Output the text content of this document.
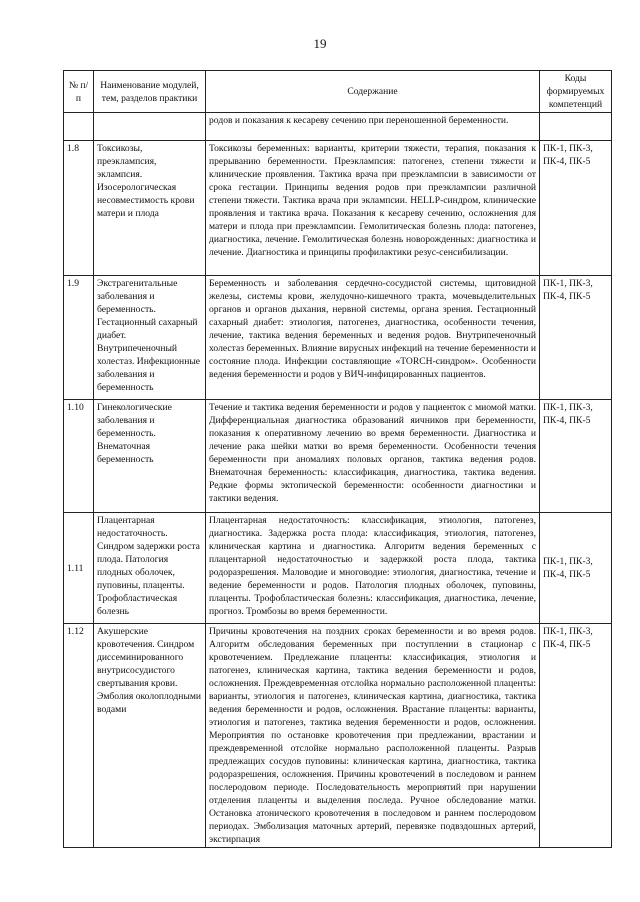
19
№ п/п	Наименование модулей, тем, разделов практики	Содержание	Коды формируемых компетенций
		родов и показания к кесареву сечению при переношенной беременности.	
1.8	Токсикозы, преэклампсия, эклампсия. Изосерологическая несовместимость крови матери и плода	Токсикозы беременных: варианты, критерии тяжести, терапия, показания к прерыванию беременности. Преэклампсия: патогенез, степени тяжести и клинические проявления. Тактика врача при преэклампсии в зависимости от срока гестации. Принципы ведения родов при преэклампсии различной степени тяжести. Тактика врача при эклампсии. HELLP-синдром, клинические проявления и тактика врача. Показания к кесареву сечению, осложнения для матери и плода при преэклампсии. Гемолитическая болезнь плода: патогенез, диагностика, лечение. Гемолитическая болезнь новорожденных: диагностика и лечение. Диагностика и принципы профилактики резус-сенсибилизации.	ПК-1, ПК-3, ПК-4, ПК-5
1.9	Экстрагенитальные заболевания и беременность. Гестационный сахарный диабет. Внутрипеченочный холестаз. Инфекционные заболевания и беременность	Беременность и заболевания сердечно-сосудистой системы, щитовидной железы, системы крови, желудочно-кишечного тракта, мочевыделительных органов и органов дыхания, нервной системы, органа зрения. Гестационный сахарный диабет: этиология, патогенез, диагностика, особенности течения, лечение, тактика ведения беременных и ведения родов. Внутрипеченочный холестаз беременных. Влияние вирусных инфекций на течение беременности и состояние плода. Инфекции составляющие «TORCH-синдром». Особенности ведения беременности и родов у ВИЧ-инфицированных пациентов.	ПК-1, ПК-3, ПК-4, ПК-5
1.10	Гинекологические заболевания и беременность. Внематочная беременность	Течение и тактика ведения беременности и родов у пациенток с миомой матки. Дифференциальная диагностика образований яичников при беременности, показания к оперативному лечению во время беременности. Диагностика и лечение рака шейки матки во время беременности. Особенности течения беременности при аномалиях половых органов, тактика ведения родов. Внематочная беременность: классификация, диагностика, тактика ведения. Редкие формы эктопической беременности: особенности диагностики и тактики ведения.	ПК-1, ПК-3, ПК-4, ПК-5
1.11	Плацентарная недостаточность. Синдром задержки роста плода. Патология плодных оболочек, пуповины, плаценты. Трофобластическая болезнь	Плацентарная недостаточность: классификация, этиология, патогенез, диагностика. Задержка роста плода: классификация, этиология, патогенез, клиническая картина и диагностика. Алгоритм ведения беременных с плацентарной недостаточностью и задержкой роста плода, тактика родоразрешения. Маловодие и многоводие: этиология, диагностика, течение и ведение беременности и родов. Патология плодных оболочек, пуповины, плаценты. Трофобластическая болезнь: классификация, диагностика, лечение, прогноз. Тромбозы во время беременности.	ПК-1, ПК-3, ПК-4, ПК-5
1.12	Акушерские кровотечения. Синдром диссеминированного внутрисосудистого свертывания крови. Эмболия околоплодными водами	Причины кровотечения на поздних сроках беременности и во время родов. Алгоритм обследования беременных при поступлении в стационар с кровотечением. Предлежание плаценты: классификация, этиология и патогенез, клиническая картина, тактика ведения беременности и родов, осложнения. Преждевременная отслойка нормально расположенной плаценты: варианты, этиология и патогенез, клиническая картина, диагностика, тактика ведения беременности и родов, осложнения. Врастание плаценты: варианты, этиология и патогенез, тактика ведения беременности и родов, осложнения. Мероприятия по остановке кровотечения при предлежании, врастании и преждевременной отслойке нормально расположенной плаценты. Разрыв предлежащих сосудов пуповины: клиническая картина, диагностика, тактика родоразрешения, осложнения. Причины кровотечений в последовом и раннем послеродовом периоде. Последовательность мероприятий при нарушении отделения плаценты и выделения последа. Ручное обследование матки. Остановка атонического кровотечения в последовом и раннем послеродовом периодах. Эмболизация маточных артерий, перевязке подвздошных артерий, экстирпация	ПК-1, ПК-3, ПК-4, ПК-5
